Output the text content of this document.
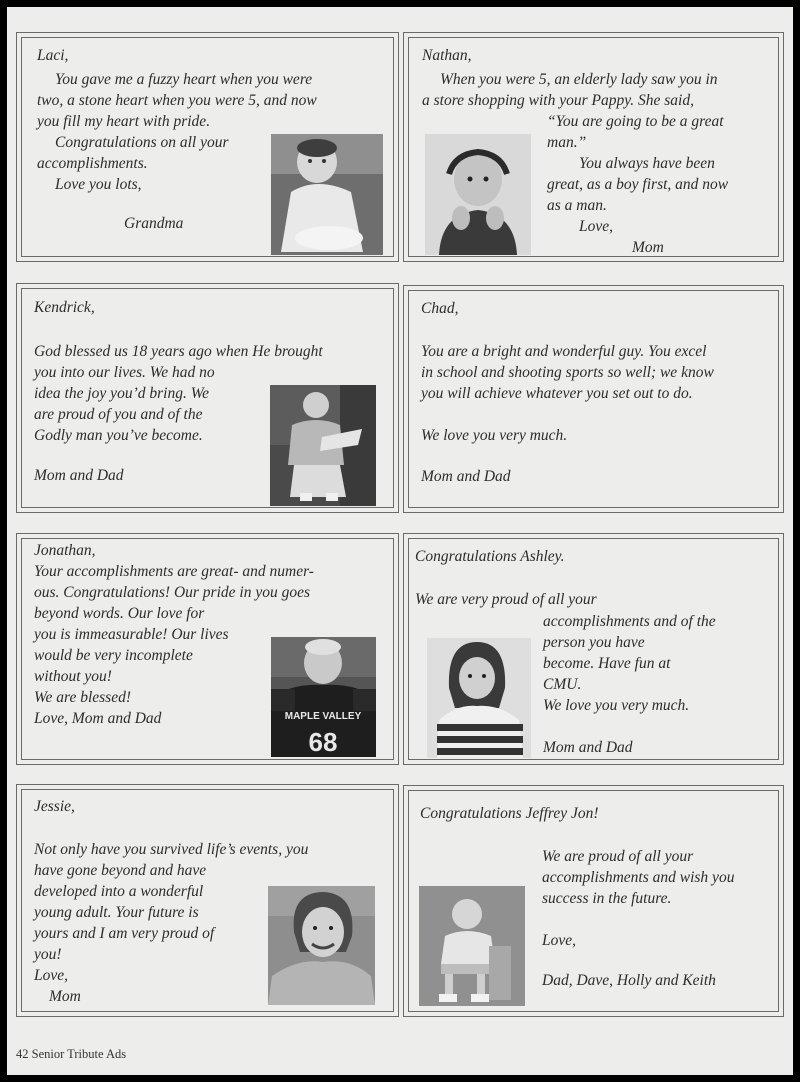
Laci,
You gave me a fuzzy heart when you were
two, a stone heart when you were 5, and now
you fill my heart with pride.
Congratulations on all your
accomplishments.
Love you lots,
Grandma
Nathan,
When you were 5, an elderly lady saw you in
a store shopping with your Pappy. She said,
“You are going to be a great
man.”
You always have been
great, as a boy first, and now
as a man.
Love,
Mom
Kendrick,
God blessed us 18 years ago when He brought
you into our lives. We had no
idea the joy you’d bring. We
are proud of you and of the
Godly man you’ve become.
Mom and Dad
Chad,
You are a bright and wonderful guy. You excel
in school and shooting sports so well; we know
you will achieve whatever you set out to do.
We love you very much.
Mom and Dad
Jonathan,
Your accomplishments are great- and numer-
ous. Congratulations! Our pride in you goes
beyond words. Our love for
you is immeasurable! Our lives
would be very incomplete
without you!
We are blessed!
Love, Mom and Dad	MAPLE VALLEY
68
Congratulations Ashley.
We are very proud of all your
accomplishments and of the
person you have
become. Have fun at
CMU.
We love you very much.
Mom and Dad
Jessie,
Not only have you survived life’s events, you
have gone beyond and have
developed into a wonderful
young adult. Your future is
yours and I am very proud of
you!
Love,
Mom
Congratulations Jeffrey Jon!
We are proud of all your
accomplishments and wish you
success in the future.
Love,
Dad, Dave, Holly and Keith
42 Senior Tribute Ads
